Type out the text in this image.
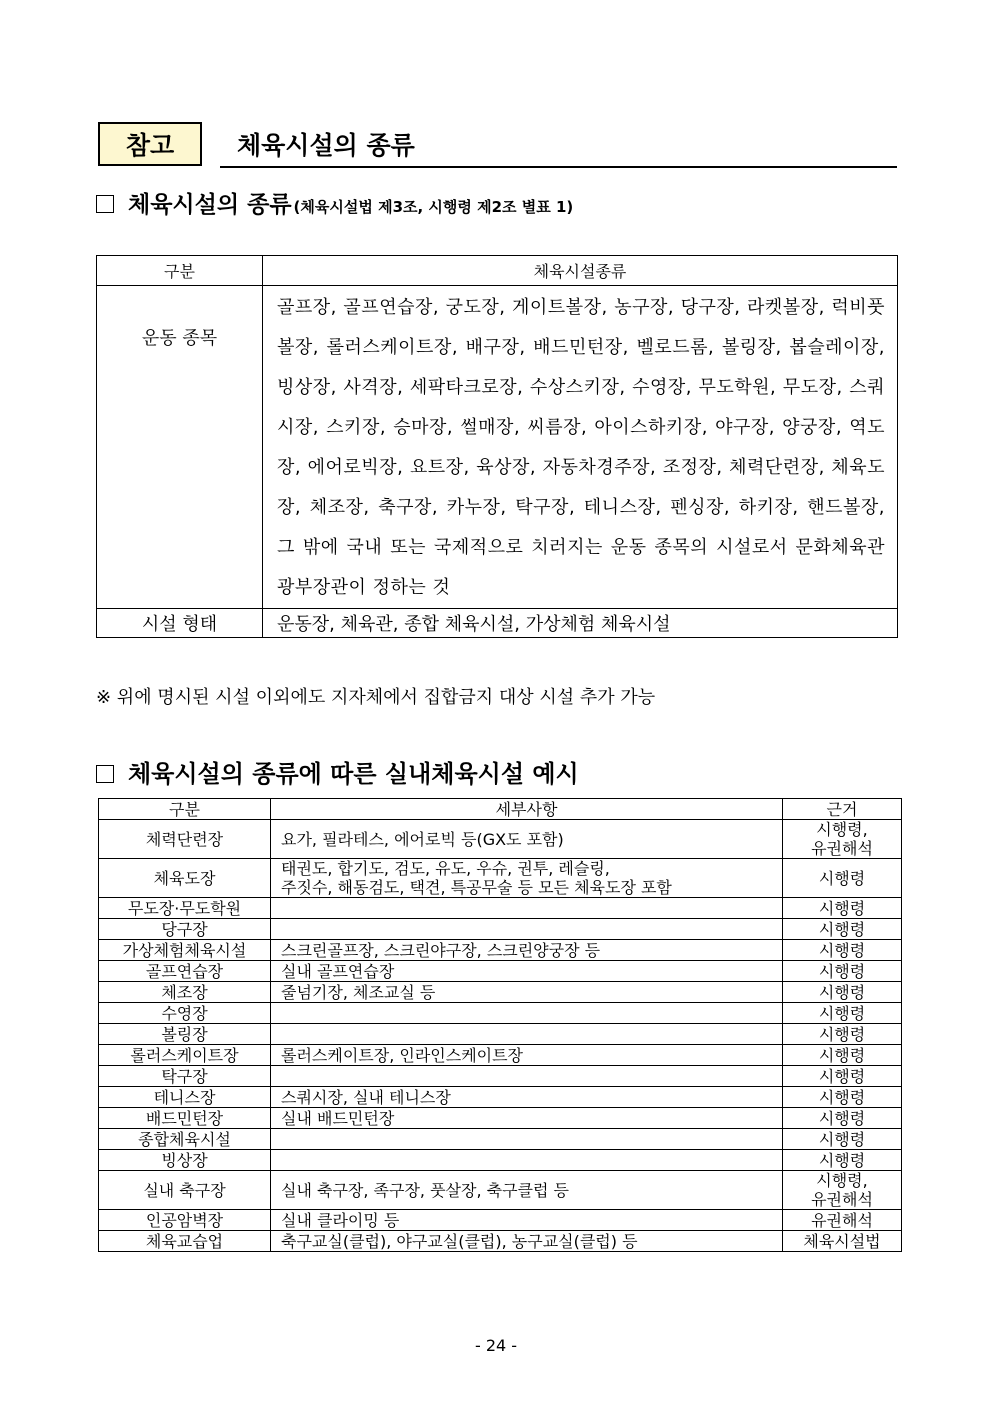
참고	체육시설의 종류
체육시설의 종류 (체육시설법 제3조, 시행령 제2조 별표 1)
구분	체육시설종류
운동 종목	골프장, 골프연습장, 궁도장, 게이트볼장, 농구장, 당구장, 라켓볼장, 럭비풋볼장, 롤러스케이트장, 배구장, 배드민턴장, 벨로드롬, 볼링장, 봅슬레이장, 빙상장, 사격장, 세팍타크로장, 수상스키장, 수영장, 무도학원, 무도장, 스쿼시장, 스키장, 승마장, 썰매장, 씨름장, 아이스하키장, 야구장, 양궁장, 역도장, 에어로빅장, 요트장, 육상장, 자동차경주장, 조정장, 체력단련장, 체육도장, 체조장, 축구장, 카누장, 탁구장, 테니스장, 펜싱장, 하키장, 핸드볼장, 그 밖에 국내 또는 국제적으로 치러지는 운동 종목의 시설로서 문화체육관광부장관이 정하는 것
시설 형태	운동장, 체육관, 종합 체육시설, 가상체험 체육시설
※ 위에 명시된 시설 이외에도 지자체에서 집합금지 대상 시설 추가 가능
체육시설의 종류에 따른 실내체육시설 예시
구분	세부사항	근거
체력단련장	요가, 필라테스, 에어로빅 등(GX도 포함)	시행령,
유권해석

체육도장	태권도, 합기도, 검도, 유도, 우슈, 권투, 레슬링,
주짓수, 해동검도, 택견, 특공무술 등 모든 체육도장 포함	시행령

무도장·무도학원		시행령

당구장		시행령

가상체험체육시설	스크린골프장, 스크린야구장, 스크린양궁장 등	시행령

골프연습장	실내 골프연습장	시행령

체조장	줄넘기장, 체조교실 등	시행령

수영장		시행령

볼링장		시행령

롤러스케이트장	롤러스케이트장, 인라인스케이트장	시행령

탁구장		시행령

테니스장	스쿼시장, 실내 테니스장	시행령

배드민턴장	실내 배드민턴장	시행령

종합체육시설		시행령

빙상장		시행령

실내 축구장	실내 축구장, 족구장, 풋살장, 축구클럽 등	시행령,
유권해석

인공암벽장	실내 클라이밍 등	유권해석

체육교습업	축구교실(클럽), 야구교실(클럽), 농구교실(클럽) 등	체육시설법
- 24 -
